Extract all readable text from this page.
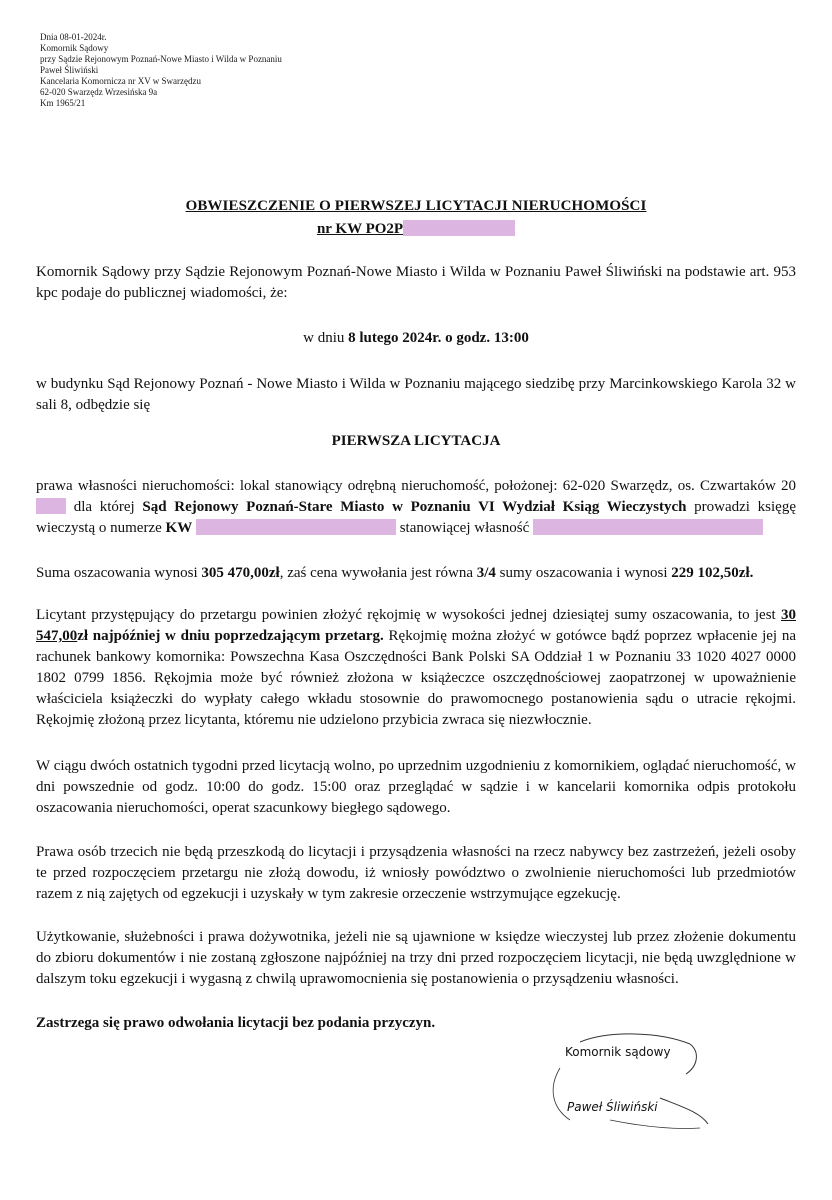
Dnia 08-01-2024r.
Komornik Sądowy
przy Sądzie Rejonowym Poznań-Nowe Miasto i Wilda w Poznaniu
Paweł Śliwiński
Kancelaria Komornicza nr XV w Swarzędzu
62-020 Swarzędz Wrzesińska 9a
Km 1965/21
OBWIESZCZENIE O PIERWSZEJ LICYTACJI NIERUCHOMOŚCI
nr KW PO2P
Komornik Sądowy przy Sądzie Rejonowym Poznań-Nowe Miasto i Wilda w Poznaniu Paweł Śliwiński na podstawie art. 953 kpc podaje do publicznej wiadomości, że:
w dniu 8 lutego 2024r. o godz. 13:00
w budynku Sąd Rejonowy Poznań - Nowe Miasto i Wilda w Poznaniu mającego siedzibę przy Marcinkowskiego Karola 32 w sali 8, odbędzie się
PIERWSZA LICYTACJA
prawa własności nieruchomości: lokal stanowiący odrębną nieruchomość, położonej: 62-020 Swarzędz, os. Czwartaków 20 dla której Sąd Rejonowy Poznań-Stare Miasto w Poznaniu VI Wydział Ksiąg Wieczystych prowadzi księgę wieczystą o numerze KW	stanowiącej własność
Suma oszacowania wynosi 305 470,00zł, zaś cena wywołania jest równa 3/4 sumy oszacowania i wynosi 229 102,50zł.
Licytant przystępujący do przetargu powinien złożyć rękojmię w wysokości jednej dziesiątej sumy oszacowania, to jest 30 547,00zł najpóźniej w dniu poprzedzającym przetarg. Rękojmię można złożyć w gotówce bądź poprzez wpłacenie jej na rachunek bankowy komornika: Powszechna Kasa Oszczędności Bank Polski SA Oddział 1 w Poznaniu 33 1020 4027 0000 1802 0799 1856. Rękojmia może być również złożona w książeczce oszczędnościowej zaopatrzonej w upoważnienie właściciela książeczki do wypłaty całego wkładu stosownie do prawomocnego postanowienia sądu o utracie rękojmi. Rękojmię złożoną przez licytanta, któremu nie udzielono przybicia zwraca się niezwłocznie.
W ciągu dwóch ostatnich tygodni przed licytacją wolno, po uprzednim uzgodnieniu z komornikiem, oglądać nieruchomość, w dni powszednie od godz. 10:00 do godz. 15:00 oraz przeglądać w sądzie i w kancelarii komornika odpis protokołu oszacowania nieruchomości, operat szacunkowy biegłego sądowego.
Prawa osób trzecich nie będą przeszkodą do licytacji i przysądzenia własności na rzecz nabywcy bez zastrzeżeń, jeżeli osoby te przed rozpoczęciem przetargu nie złożą dowodu, iż wniosły powództwo o zwolnienie nieruchomości lub przedmiotów razem z nią zajętych od egzekucji i uzyskały w tym zakresie orzeczenie wstrzymujące egzekucję.
Użytkowanie, służebności i prawa dożywotnika, jeżeli nie są ujawnione w księdze wieczystej lub przez złożenie dokumentu do zbioru dokumentów i nie zostaną zgłoszone najpóźniej na trzy dni przed rozpoczęciem licytacji, nie będą uwzględnione w dalszym toku egzekucji i wygasną z chwilą uprawomocnienia się postanowienia o przysądzeniu własności.
Zastrzega się prawo odwołania licytacji bez podania przyczyn.
Komornik sądowy
Paweł Śliwiński
